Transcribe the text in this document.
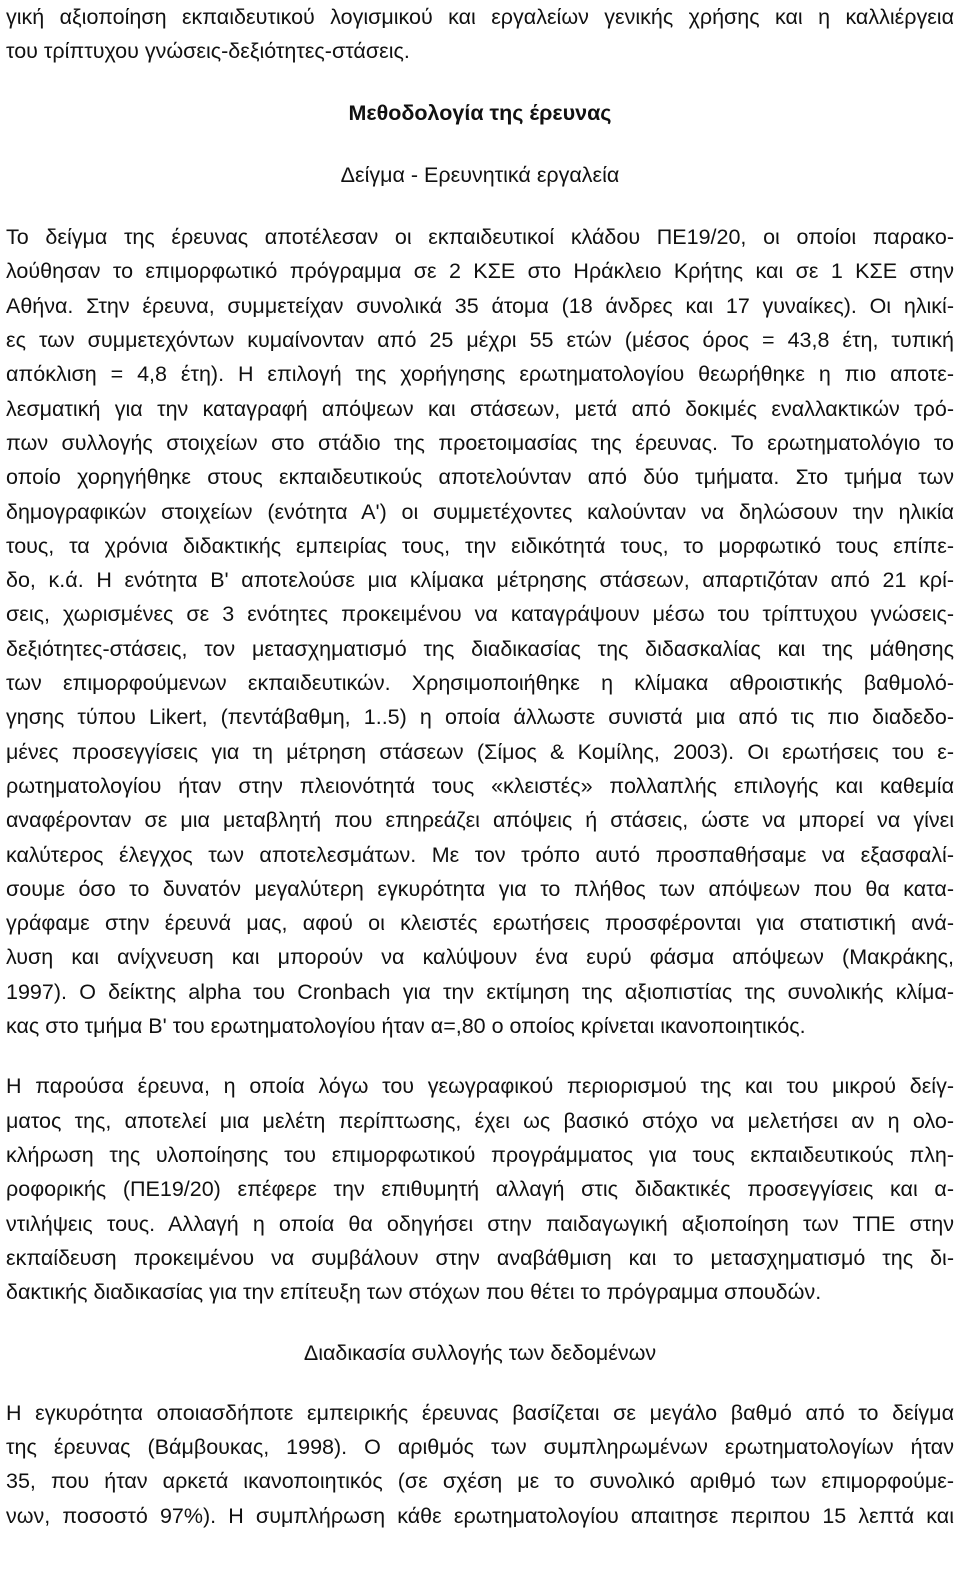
γική αξιοποίηση εκπαιδευτικού λογισμικού και εργαλείων γενικής χρήσης και η καλλιέργεια
του τρίπτυχου γνώσεις-δεξιότητες-στάσεις.
Μεθοδολογία της έρευνας
Δείγμα - Ερευνητικά εργαλεία
Το δείγμα της έρευνας αποτέλεσαν οι εκπαιδευτικοί κλάδου ΠΕ19/20, οι οποίοι παρακο-
λούθησαν το επιμορφωτικό πρόγραμμα σε 2 ΚΣΕ στο Ηράκλειο Κρήτης και σε 1 ΚΣΕ στην
Αθήνα. Στην έρευνα, συμμετείχαν συνολικά 35 άτομα (18 άνδρες και 17 γυναίκες). Οι ηλικί-
ες των συμμετεχόντων κυμαίνονταν από 25 μέχρι 55 ετών (μέσος όρος = 43,8 έτη, τυπική
απόκλιση = 4,8 έτη). Η επιλογή της χορήγησης ερωτηματολογίου θεωρήθηκε η πιο αποτε-
λεσματική για την καταγραφή απόψεων και στάσεων, μετά από δοκιμές εναλλακτικών τρό-
πων συλλογής στοιχείων στο στάδιο της προετοιμασίας της έρευνας. Το ερωτηματολόγιο το
οποίο χορηγήθηκε στους εκπαιδευτικούς αποτελούνταν από δύο τμήματα. Στο τμήμα των
δημογραφικών στοιχείων (ενότητα Α') οι συμμετέχοντες καλούνταν να δηλώσουν την ηλικία
τους, τα χρόνια διδακτικής εμπειρίας τους, την ειδικότητά τους, το μορφωτικό τους επίπε-
δο, κ.ά. Η ενότητα Β' αποτελούσε μια κλίμακα μέτρησης στάσεων, απαρτιζόταν από 21 κρί-
σεις, χωρισμένες σε 3 ενότητες προκειμένου να καταγράψουν μέσω του τρίπτυχου γνώσεις-
δεξιότητες-στάσεις, τον μετασχηματισμό της διαδικασίας της διδασκαλίας και της μάθησης
των επιμορφούμενων εκπαιδευτικών. Χρησιμοποιήθηκε η κλίμακα αθροιστικής βαθμολό-
γησης τύπου Likert, (πεντάβαθμη, 1..5) η οποία άλλωστε συνιστά μια από τις πιο διαδεδο-
μένες προσεγγίσεις για τη μέτρηση στάσεων (Σίμος & Κομίλης, 2003). Οι ερωτήσεις του ε-
ρωτηματολογίου ήταν στην πλειονότητά τους «κλειστές» πολλαπλής επιλογής και καθεμία
αναφέρονταν σε μια μεταβλητή που επηρεάζει απόψεις ή στάσεις, ώστε να μπορεί να γίνει
καλύτερος έλεγχος των αποτελεσμάτων. Με τον τρόπο αυτό προσπαθήσαμε να εξασφαλί-
σουμε όσο το δυνατόν μεγαλύτερη εγκυρότητα για το πλήθος των απόψεων που θα κατα-
γράφαμε στην έρευνά μας, αφού οι κλειστές ερωτήσεις προσφέρονται για στατιστική ανά-
λυση και ανίχνευση και μπορούν να καλύψουν ένα ευρύ φάσμα απόψεων (Μακράκης,
1997). Ο δείκτης alpha του Cronbach για την εκτίμηση της αξιοπιστίας της συνολικής κλίμα-
κας στο τμήμα Β' του ερωτηματολογίου ήταν α=,80 ο οποίος κρίνεται ικανοποιητικός.
Η παρούσα έρευνα, η οποία λόγω του γεωγραφικού περιορισμού της και του μικρού δείγ-
ματος της, αποτελεί μια μελέτη περίπτωσης, έχει ως βασικό στόχο να μελετήσει αν η ολο-
κλήρωση της υλοποίησης του επιμορφωτικού προγράμματος για τους εκπαιδευτικούς πλη-
ροφορικής (ΠΕ19/20) επέφερε την επιθυμητή αλλαγή στις διδακτικές προσεγγίσεις και α-
ντιλήψεις τους. Αλλαγή η οποία θα οδηγήσει στην παιδαγωγική αξιοποίηση των ΤΠΕ στην
εκπαίδευση προκειμένου να συμβάλουν στην αναβάθμιση και το μετασχηματισμό της δι-
δακτικής διαδικασίας για την επίτευξη των στόχων που θέτει το πρόγραμμα σπουδών.
Διαδικασία συλλογής των δεδομένων
Η εγκυρότητα οποιασδήποτε εμπειρικής έρευνας βασίζεται σε μεγάλο βαθμό από το δείγμα
της έρευνας (Βάμβουκας, 1998). Ο αριθμός των συμπληρωμένων ερωτηματολογίων ήταν
35, που ήταν αρκετά ικανοποιητικός (σε σχέση με το συνολικό αριθμό των επιμορφούμε-
νων, ποσοστό 97%). Η συμπλήρωση κάθε ερωτηματολογίου απαιτησε περιπου 15 λεπτά και
